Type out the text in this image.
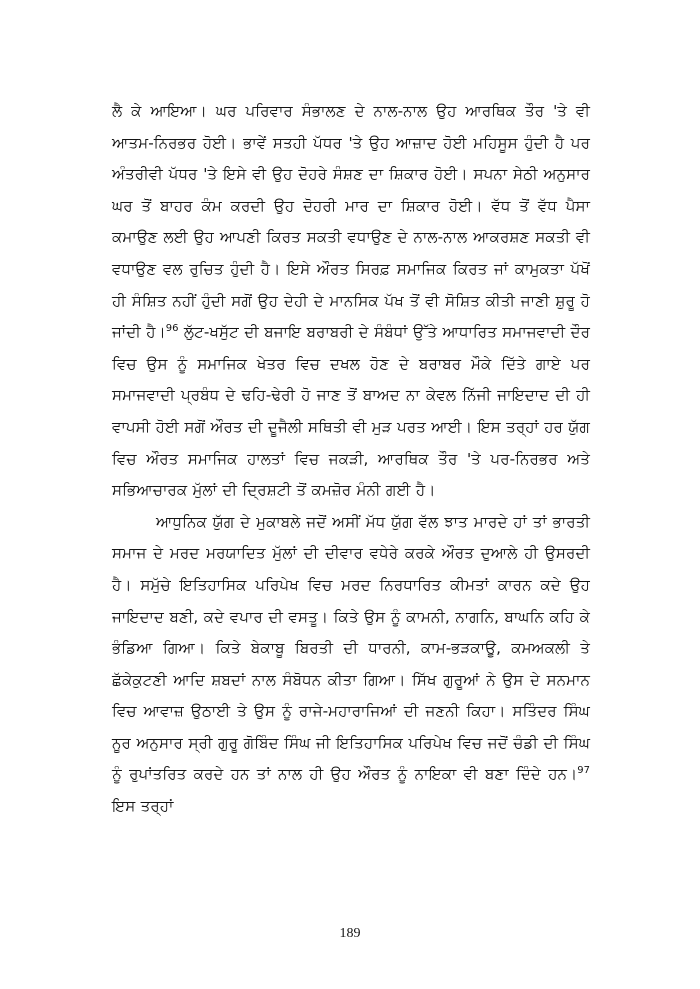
ਲੈ ਕੇ ਆਇਆ। ਘਰ ਪਰਿਵਾਰ ਸੰਭਾਲਣ ਦੇ ਨਾਲ-ਨਾਲ ਉਹ ਆਰਥਿਕ ਤੌਰ 'ਤੇ ਵੀ ਆਤਮ-ਨਿਰਭਰ ਹੋਈ। ਭਾਵੇਂ ਸਤਹੀ ਪੱਧਰ 'ਤੇ ਉਹ ਆਜ਼ਾਦ ਹੋਈ ਮਹਿਸੂਸ ਹੁੰਦੀ ਹੈ ਪਰ ਅੰਤਰੀਵੀ ਪੱਧਰ 'ਤੇ ਇਸੇ ਵੀ ਉਹ ਦੋਹਰੇ ਸੰਸ਼ਣ ਦਾ ਸ਼ਿਕਾਰ ਹੋਈ। ਸਪਨਾ ਸੇਠੀ ਅਨੁਸਾਰ ਘਰ ਤੋਂ ਬਾਹਰ ਕੰਮ ਕਰਦੀ ਉਹ ਦੋਹਰੀ ਮਾਰ ਦਾ ਸ਼ਿਕਾਰ ਹੋਈ। ਵੱਧ ਤੋਂ ਵੱਧ ਪੈਸਾ ਕਮਾਉਣ ਲਈ ਉਹ ਆਪਣੀ ਕਿਰਤ ਸਕਤੀ ਵਧਾਉਣ ਦੇ ਨਾਲ-ਨਾਲ ਆਕਰਸ਼ਣ ਸਕਤੀ ਵੀ ਵਧਾਉਣ ਵਲ ਰੁਚਿਤ ਹੁੰਦੀ ਹੈ। ਇਸੇ ਔਰਤ ਸਿਰਫ਼ ਸਮਾਜਿਕ ਕਿਰਤ ਜਾਂ ਕਾਮੁਕਤਾ ਪੱਖੋਂ ਹੀ ਸੰਸ਼ਿਤ ਨਹੀਂ ਹੁੰਦੀ ਸਗੋਂ ਉਹ ਦੇਹੀ ਦੇ ਮਾਨਸਿਕ ਪੱਖ ਤੋਂ ਵੀ ਸੋਸ਼ਿਤ ਕੀਤੀ ਜਾਣੀ ਸ਼ੁਰੂ ਹੋ ਜਾਂਦੀ ਹੈ।$^{96}$ ਲੁੱਟ-ਖਸੁੱਟ ਦੀ ਬਜਾਇ ਬਰਾਬਰੀ ਦੇ ਸੰਬੰਧਾਂ ਉੱਤੇ ਆਧਾਰਿਤ ਸਮਾਜਵਾਦੀ ਦੌਰ ਵਿਚ ਉਸ ਨੂੰ ਸਮਾਜਿਕ ਖੇਤਰ ਵਿਚ ਦਖਲ ਹੋਣ ਦੇ ਬਰਾਬਰ ਮੌਕੇ ਦਿੱਤੇ ਗਾਏ ਪਰ ਸਮਾਜਵਾਦੀ ਪ੍ਰਬੰਧ ਦੇ ਢਹਿ-ਢੇਰੀ ਹੋ ਜਾਣ ਤੋਂ ਬਾਅਦ ਨਾ ਕੇਵਲ ਨਿੱਜੀ ਜਾਇਦਾਦ ਦੀ ਹੀ ਵਾਪਸੀ ਹੋਈ ਸਗੋਂ ਔਰਤ ਦੀ ਦੂਜੈਲੀ ਸਥਿਤੀ ਵੀ ਮੁੜ ਪਰਤ ਆਈ। ਇਸ ਤਰ੍ਹਾਂ ਹਰ ਯੁੱਗ ਵਿਚ ਔਰਤ ਸਮਾਜਿਕ ਹਾਲਤਾਂ ਵਿਚ ਜਕੜੀ, ਆਰਥਿਕ ਤੌਰ 'ਤੇ ਪਰ-ਨਿਰਭਰ ਅਤੇ ਸਭਿਆਚਾਰਕ ਮੁੱਲਾਂ ਦੀ ਦ੍ਰਿਸ਼ਟੀ ਤੋਂ ਕਮਜ਼ੋਰ ਮੰਨੀ ਗਈ ਹੈ।

ਆਧੁਨਿਕ ਯੁੱਗ ਦੇ ਮੁਕਾਬਲੇ ਜਦੋਂ ਅਸੀਂ ਮੱਧ ਯੁੱਗ ਵੱਲ ਝਾਤ ਮਾਰਦੇ ਹਾਂ ਤਾਂ ਭਾਰਤੀ ਸਮਾਜ ਦੇ ਮਰਦ ਮਰਯਾਦਿਤ ਮੁੱਲਾਂ ਦੀ ਦੀਵਾਰ ਵਧੇਰੇ ਕਰਕੇ ਔਰਤ ਦੁਆਲੇ ਹੀ ਉਸਰਦੀ ਹੈ। ਸਮੁੱਚੇ ਇਤਿਹਾਸਿਕ ਪਰਿਪੇਖ ਵਿਚ ਮਰਦ ਨਿਰਧਾਰਿਤ ਕੀਮਤਾਂ ਕਾਰਨ ਕਦੇ ਉਹ ਜਾਇਦਾਦ ਬਣੀ, ਕਦੇ ਵਪਾਰ ਦੀ ਵਸਤੂ। ਕਿਤੇ ਉਸ ਨੂੰ ਕਾਮਨੀ, ਨਾਗਨਿ, ਬਾਘਨਿ ਕਹਿ ਕੇ ਭੰਡਿਆ ਗਿਆ। ਕਿਤੇ ਬੇਕਾਬੂ ਬਿਰਤੀ ਦੀ ਧਾਰਨੀ, ਕਾਮ-ਭੜਕਾਊ, ਕਮਅਕਲੀ ਤੇ ਛੱਕੇਕੁਟਣੀ ਆਦਿ ਸ਼ਬਦਾਂ ਨਾਲ ਸੰਬੋਧਨ ਕੀਤਾ ਗਿਆ। ਸਿੱਖ ਗੁਰੂਆਂ ਨੇ ਉਸ ਦੇ ਸਨਮਾਨ ਵਿਚ ਆਵਾਜ਼ ਉਠਾਈ ਤੇ ਉਸ ਨੂੰ ਰਾਜੇ-ਮਹਾਰਾਜਿਆਂ ਦੀ ਜਣਨੀ ਕਿਹਾ। ਸਤਿੰਦਰ ਸਿੰਘ ਨੂਰ ਅਨੁਸਾਰ ਸ੍ਰੀ ਗੁਰੂ ਗੋਬਿੰਦ ਸਿੰਘ ਜੀ ਇਤਿਹਾਸਿਕ ਪਰਿਪੇਖ ਵਿਚ ਜਦੋਂ ਚੰਡੀ ਦੀ ਸਿੰਘ ਨੂੰ ਰੁਪਾਂਤਰਿਤ ਕਰਦੇ ਹਨ ਤਾਂ ਨਾਲ ਹੀ ਉਹ ਔਰਤ ਨੂੰ ਨਾਇਕਾ ਵੀ ਬਣਾ ਦਿੰਦੇ ਹਨ।$^{97}$ ਇਸ ਤਰ੍ਹਾਂ

189
